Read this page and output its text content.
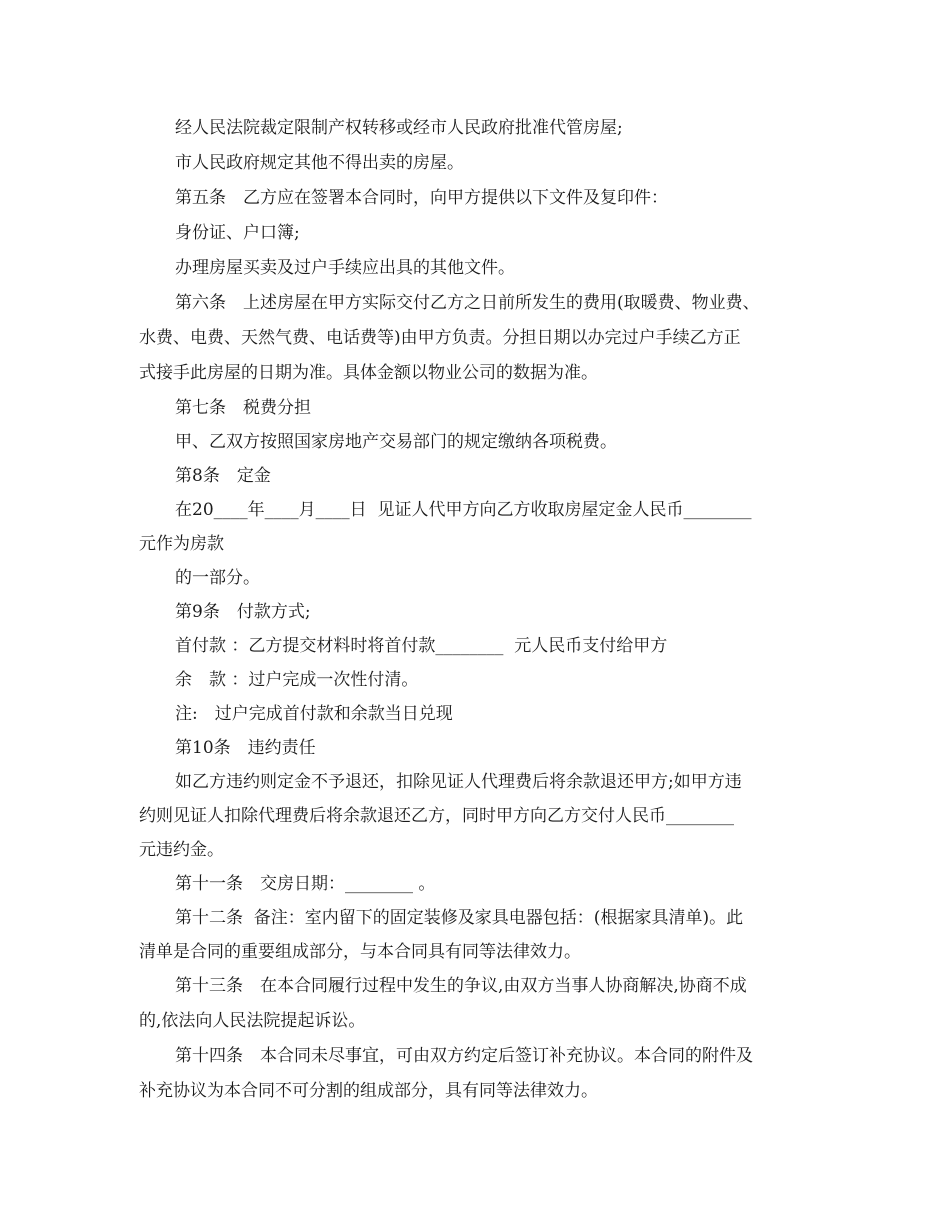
经人民法院裁定限制产权转移或经市人民政府批准代管房屋;
市人民政府规定其他不得出卖的房屋。
第五条　乙方应在签署本合同时，向甲方提供以下文件及复印件：
身份证、户口簿;
办理房屋买卖及过户手续应出具的其他文件。
第六条　上述房屋在甲方实际交付乙方之日前所发生的费用(取暖费、物业费、
水费、电费、天然气费、电话费等)由甲方负责。分担日期以办完过户手续乙方正
式接手此房屋的日期为准。具体金额以物业公司的数据为准。
第七条　税费分担
甲、乙双方按照国家房地产交易部门的规定缴纳各项税费。
第8条　定金
在20____年____月____日  见证人代甲方向乙方收取房屋定金人民币________
元作为房款
的一部分。
第9条　付款方式;
首付款 ：乙方提交材料时将首付款________  元人民币支付给甲方
余　款 ：过户完成一次性付清。
注:　过户完成首付款和余款当日兑现
第10条　违约责任
如乙方违约则定金不予退还，扣除见证人代理费后将余款退还甲方;如甲方违
约则见证人扣除代理费后将余款退还乙方，同时甲方向乙方交付人民币________
元违约金。
第十一条　交房日期：________ 。
第十二条  备注：室内留下的固定装修及家具电器包括：(根据家具清单)。此
清单是合同的重要组成部分，与本合同具有同等法律效力。
第十三条　在本合同履行过程中发生的争议,由双方当事人协商解决,协商不成
的,依法向人民法院提起诉讼。
第十四条　本合同未尽事宜，可由双方约定后签订补充协议。本合同的附件及
补充协议为本合同不可分割的组成部分，具有同等法律效力。
